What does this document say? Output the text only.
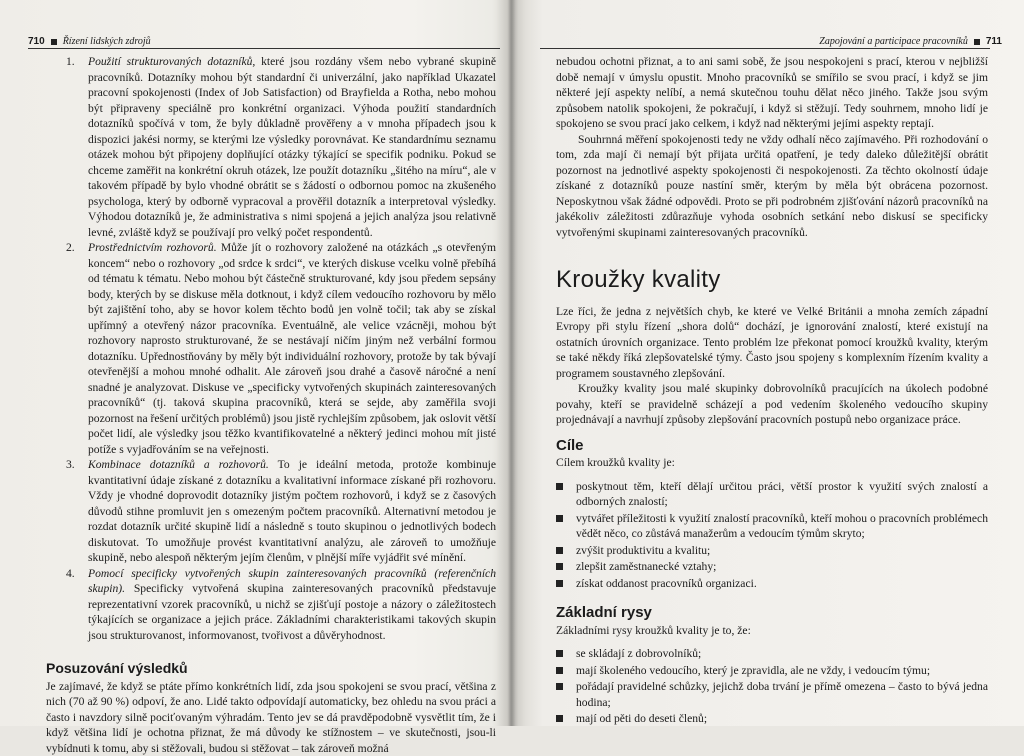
710 Řízení lidských zdrojů
1. Použití strukturovaných dotazníků, které jsou rozdány všem nebo vybrané skupině pracovníků. Dotazníky mohou být standardní či univerzální, jako například Ukazatel pracovní spokojenosti (Index of Job Satisfaction) od Brayfielda a Rotha, nebo mohou být připraveny speciálně pro konkrétní organizaci. Výhoda použití standardních dotazníků spočívá v tom, že byly důkladně prověřeny a v mnoha případech jsou k dispozici jakési normy, se kterými lze výsledky porovnávat. Ke standardnímu seznamu otázek mohou být připojeny doplňující otázky týkající se specifik podniku. Pokud se chceme zaměřit na konkrétní okruh otázek, lze použít dotazníku „šitého na míru“, ale v takovém případě by bylo vhodné obrátit se s žádostí o odbornou pomoc na zkušeného psychologa, který by odborně vypracoval a prověřil dotazník a interpretoval výsledky. Výhodou dotazníků je, že administrativa s nimi spojená a jejich analýza jsou relativně levné, zvláště když se používají pro velký počet respondentů.

2. Prostřednictvím rozhovorů. Může jít o rozhovory založené na otázkách „s otevřeným koncem“ nebo o rozhovory „od srdce k srdci“, ve kterých diskuse vcelku volně přebíhá od tématu k tématu. Nebo mohou být částečně strukturované, kdy jsou předem sepsány body, kterých by se diskuse měla dotknout, i když cílem vedoucího rozhovoru by mělo být zajištění toho, aby se hovor kolem těchto bodů jen volně točil; tak aby se získal upřímný a otevřený názor pracovníka. Eventuálně, ale velice vzácněji, mohou být rozhovory naprosto strukturované, že se nestávají ničím jiným než verbální formou dotazníku. Upřednostňovány by měly být individuální rozhovory, protože by tak bývají otevřenější a mohou mnohé odhalit. Ale zároveň jsou drahé a časově náročné a není snadné je analyzovat. Diskuse ve „specificky vytvořených skupinách zainteresovaných pracovníků“ (tj. taková skupina pracovníků, která se sejde, aby zaměřila svoji pozornost na řešení určitých problémů) jsou jistě rychlejším způsobem, jak oslovit větší počet lidí, ale výsledky jsou těžko kvantifikovatelné a některý jedinci mohou mít jisté potíže s vyjadřováním se na veřejnosti.

3. Kombinace dotazníků a rozhovorů. To je ideální metoda, protože kombinuje kvantitativní údaje získané z dotazníku a kvalitativní informace získané při rozhovoru. Vždy je vhodné doprovodit dotazníky jistým počtem rozhovorů, i když se z časových důvodů stihne promluvit jen s omezeným počtem pracovníků. Alternativní metodou je rozdat dotazník určité skupině lidí a následně s touto skupinou o jednotlivých bodech diskutovat. To umožňuje provést kvantitativní analýzu, ale zároveň to umožňuje skupině, nebo alespoň některým jejím členům, v plnější míře vyjádřit své mínění.

4. Pomocí specificky vytvořených skupin zainteresovaných pracovníků (referenčních skupin). Specificky vytvořená skupina zainteresovaných pracovníků představuje reprezentativní vzorek pracovníků, u nichž se zjišťují postoje a názory o záležitostech týkajících se organizace a jejich práce. Základními charakteristikami takových skupin jsou strukturovanost, informovanost, tvořivost a důvěryhodnost.

Posuzování výsledků

Je zajímavé, že když se ptáte přímo konkrétních lidí, zda jsou spokojeni se svou prací, většina z nich (70 až 90 %) odpoví, že ano. Lidé takto odpovídají automaticky, bez ohledu na svou práci a často i navzdory silně pociťovaným výhradám. Tento jev se dá pravděpodobně vysvětlit tím, že i když většina lidí je ochotna přiznat, že má důvody ke stížnostem – ve skutečnosti, jsou-li vybídnuti k tomu, aby si stěžovali, budou si stěžovat – tak zároveň možná

Zapojování a participace pracovníků 711

nebudou ochotni přiznat, a to ani sami sobě, že jsou nespokojeni s prací, kterou v nejbližší době nemají v úmyslu opustit. Mnoho pracovníků se smířilo se svou prací, i když se jim některé její aspekty nelíbí, a nemá skutečnou touhu dělat něco jiného. Takže jsou svým způsobem natolik spokojeni, že pokračují, i když si stěžují. Tedy souhrnem, mnoho lidí je spokojeno se svou prací jako celkem, i když nad některými jejími aspekty reptají.

Souhrnná měření spokojenosti tedy ne vždy odhalí něco zajímavého. Při rozhodování o tom, zda mají či nemají být přijata určitá opatření, je tedy daleko důležitější obrátit pozornost na jednotlivé aspekty spokojenosti či nespokojenosti. Za těchto okolností údaje získané z dotazníků pouze nastíní směr, kterým by měla být obrácena pozornost. Neposkytnou však žádné odpovědi. Proto se při podrobném zjišťování názorů pracovníků na jakékoliv záležitosti zdůrazňuje vyhoda osobních setkání nebo diskusí se specificky vytvořenými skupinami zainteresovaných pracovníků.

Kroužky kvality

Lze říci, že jedna z největších chyb, ke které ve Velké Británii a mnoha zemích západní Evropy při stylu řízení „shora dolů“ dochází, je ignorování znalostí, které existují na ostatních úrovních organizace. Tento problém lze překonat pomocí kroužků kvality, kterým se také někdy říká zlepšovatelské týmy. Často jsou spojeny s komplexním řízením kvality a programem soustavného zlepšování.

Kroužky kvality jsou malé skupinky dobrovolníků pracujících na úkolech podobné povahy, kteří se pravidelně scházejí a pod vedením školeného vedoucího skupiny projednávají a navrhují způsoby zlepšování pracovních postupů nebo organizace práce.

Cíle

Cílem kroužků kvality je:

poskytnout těm, kteří dělají určitou práci, větší prostor k využití svých znalostí a odborných znalostí;
vytvářet příležitosti k využití znalostí pracovníků, kteří mohou o pracovních problémech vědět něco, co zůstává manažerům a vedoucím týmům skryto;
zvýšit produktivitu a kvalitu;
zlepšit zaměstnanecké vztahy;
získat oddanost pracovníků organizaci.
Základní rysy

Základními rysy kroužků kvality je to, že:

se skládají z dobrovolníků;
mají školeného vedoucího, který je zpravidla, ale ne vždy, i vedoucím týmu;
pořádají pravidelné schůzky, jejichž doba trvání je přímě omezena – často to bývá jedna hodina;
mají od pěti do deseti členů;
